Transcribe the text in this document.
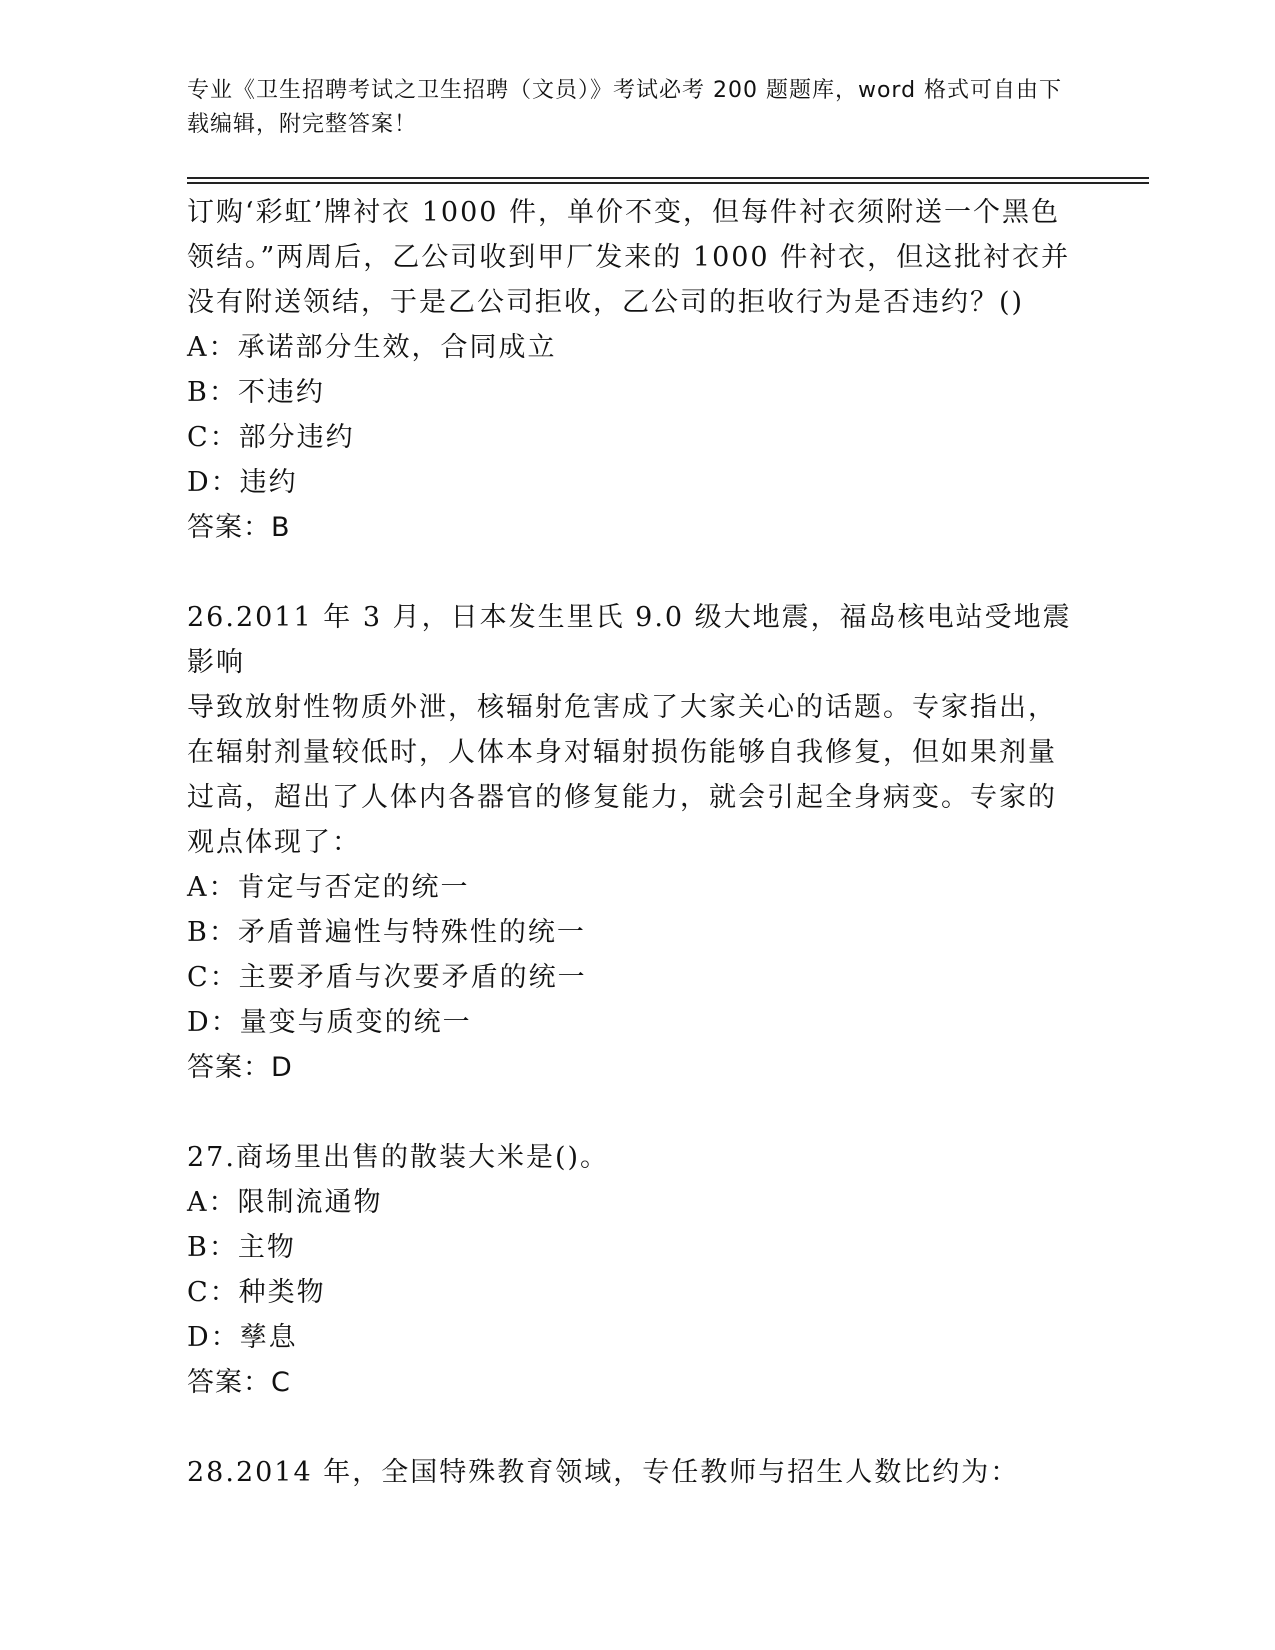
专业《卫生招聘考试之卫生招聘（文员）》考试必考 200 题题库，word 格式可自由下载编辑，附完整答案！

订购‘彩虹’牌衬衣 1000 件，单价不变，但每件衬衣须附送一个黑色

领结。”两周后，乙公司收到甲厂发来的 1000 件衬衣，但这批衬衣并

没有附送领结，于是乙公司拒收，乙公司的拒收行为是否违约？()

A：承诺部分生效，合同成立

B：不违约

C：部分违约

D：违约

答案：B

26.2011 年 3 月，日本发生里氏 9.0 级大地震，福岛核电站受地震影响

导致放射性物质外泄，核辐射危害成了大家关心的话题。专家指出，

在辐射剂量较低时，人体本身对辐射损伤能够自我修复，但如果剂量

过高，超出了人体内各器官的修复能力，就会引起全身病变。专家的

观点体现了：

A：肯定与否定的统一

B：矛盾普遍性与特殊性的统一

C：主要矛盾与次要矛盾的统一

D：量变与质变的统一

答案：D

27.商场里出售的散装大米是()。

A：限制流通物

B：主物

C：种类物

D：孳息

答案：C

28.2014 年，全国特殊教育领域，专任教师与招生人数比约为：
